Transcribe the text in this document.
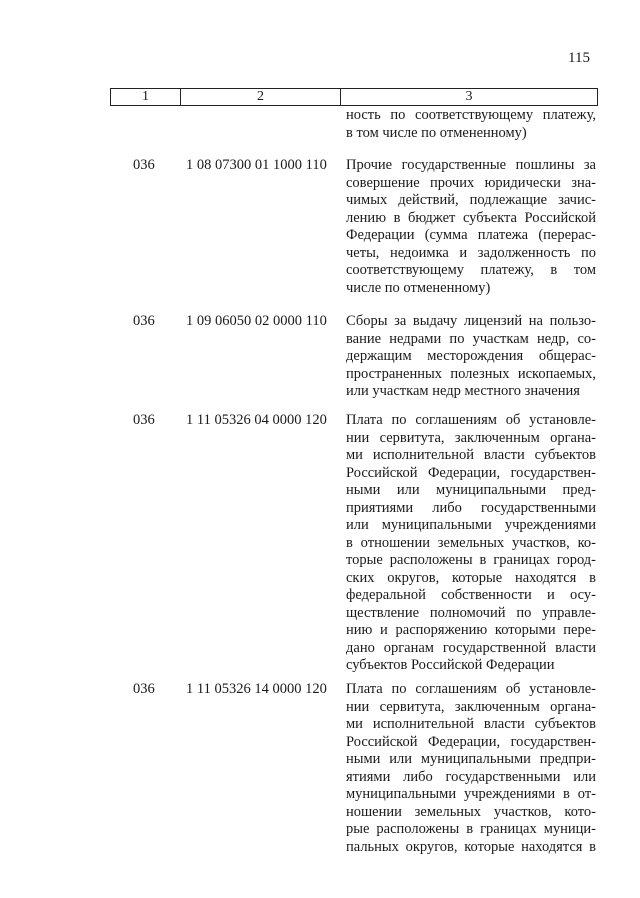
115
1	2	3
ность по соответствующему платежу,
в том числе по отмененному)
036 1 08 07300 01 1000 110 Прочие государственные пошлины за
совершение прочих юридически зна-
чимых действий, подлежащие зачис-
лению в бюджет субъекта Российской
Федерации (сумма платежа (перерас-
четы, недоимка и задолженность по
соответствующему платежу, в том
числе по отмененному)
036 1 09 06050 02 0000 110 Сборы за выдачу лицензий на пользо-
вание недрами по участкам недр, со-
держащим месторождения общерас-
пространенных полезных ископаемых,
или участкам недр местного значения
036 1 11 05326 04 0000 120 Плата по соглашениям об установле-
нии сервитута, заключенным органа-
ми исполнительной власти субъектов
Российской Федерации, государствен-
ными или муниципальными пред-
приятиями либо государственными
или муниципальными учреждениями
в отношении земельных участков, ко-
торые расположены в границах город-
ских округов, которые находятся в
федеральной собственности и осу-
ществление полномочий по управле-
нию и распоряжению которыми пере-
дано органам государственной власти
субъектов Российской Федерации
036 1 11 05326 14 0000 120 Плата по соглашениям об установле-
нии сервитута, заключенным органа-
ми исполнительной власти субъектов
Российской Федерации, государствен-
ными или муниципальными предпри-
ятиями либо государственными или
муниципальными учреждениями в от-
ношении земельных участков, кото-
рые расположены в границах муници-
пальных округов, которые находятся в
